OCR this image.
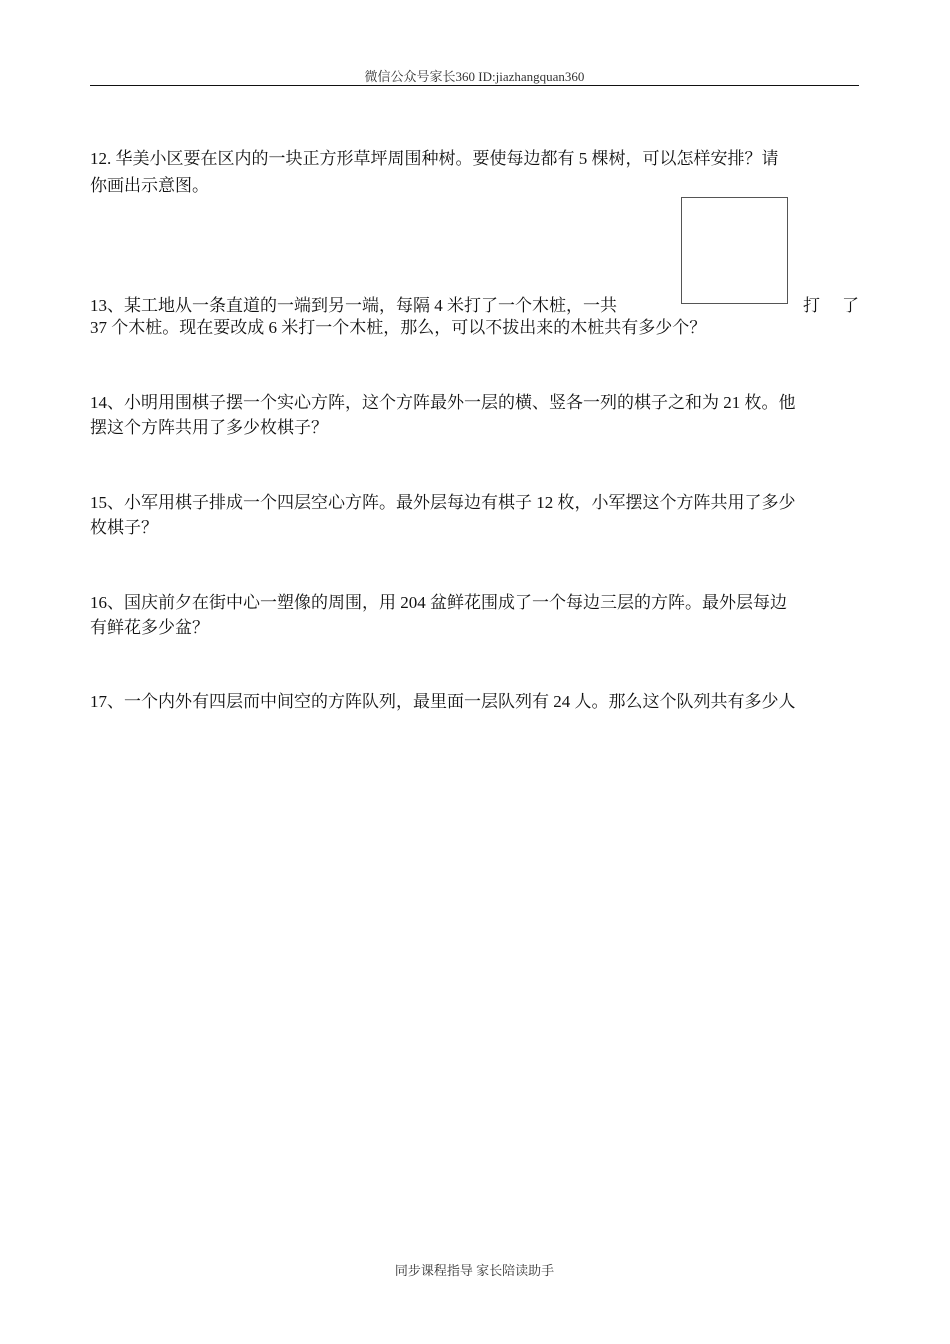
微信公众号家长360 ID:jiazhangquan360
12. 华美小区要在区内的一块正方形草坪周围种树。要使每边都有 5 棵树，可以怎样安排？请
你画出示意图。
13、某工地从一条直道的一端到另一端，每隔 4 米打了一个木桩，一共	打了
37 个木桩。现在要改成 6 米打一个木桩，那么，可以不拔出来的木桩共有多少个？
14、小明用围棋子摆一个实心方阵，这个方阵最外一层的横、竖各一列的棋子之和为 21 枚。他
摆这个方阵共用了多少枚棋子？
15、小军用棋子排成一个四层空心方阵。最外层每边有棋子 12 枚，小军摆这个方阵共用了多少
枚棋子？
16、国庆前夕在街中心一塑像的周围，用 204 盆鲜花围成了一个每边三层的方阵。最外层每边
有鲜花多少盆？
17、一个内外有四层而中间空的方阵队列，最里面一层队列有 24 人。那么这个队列共有多少人
同步课程指导 家长陪读助手
